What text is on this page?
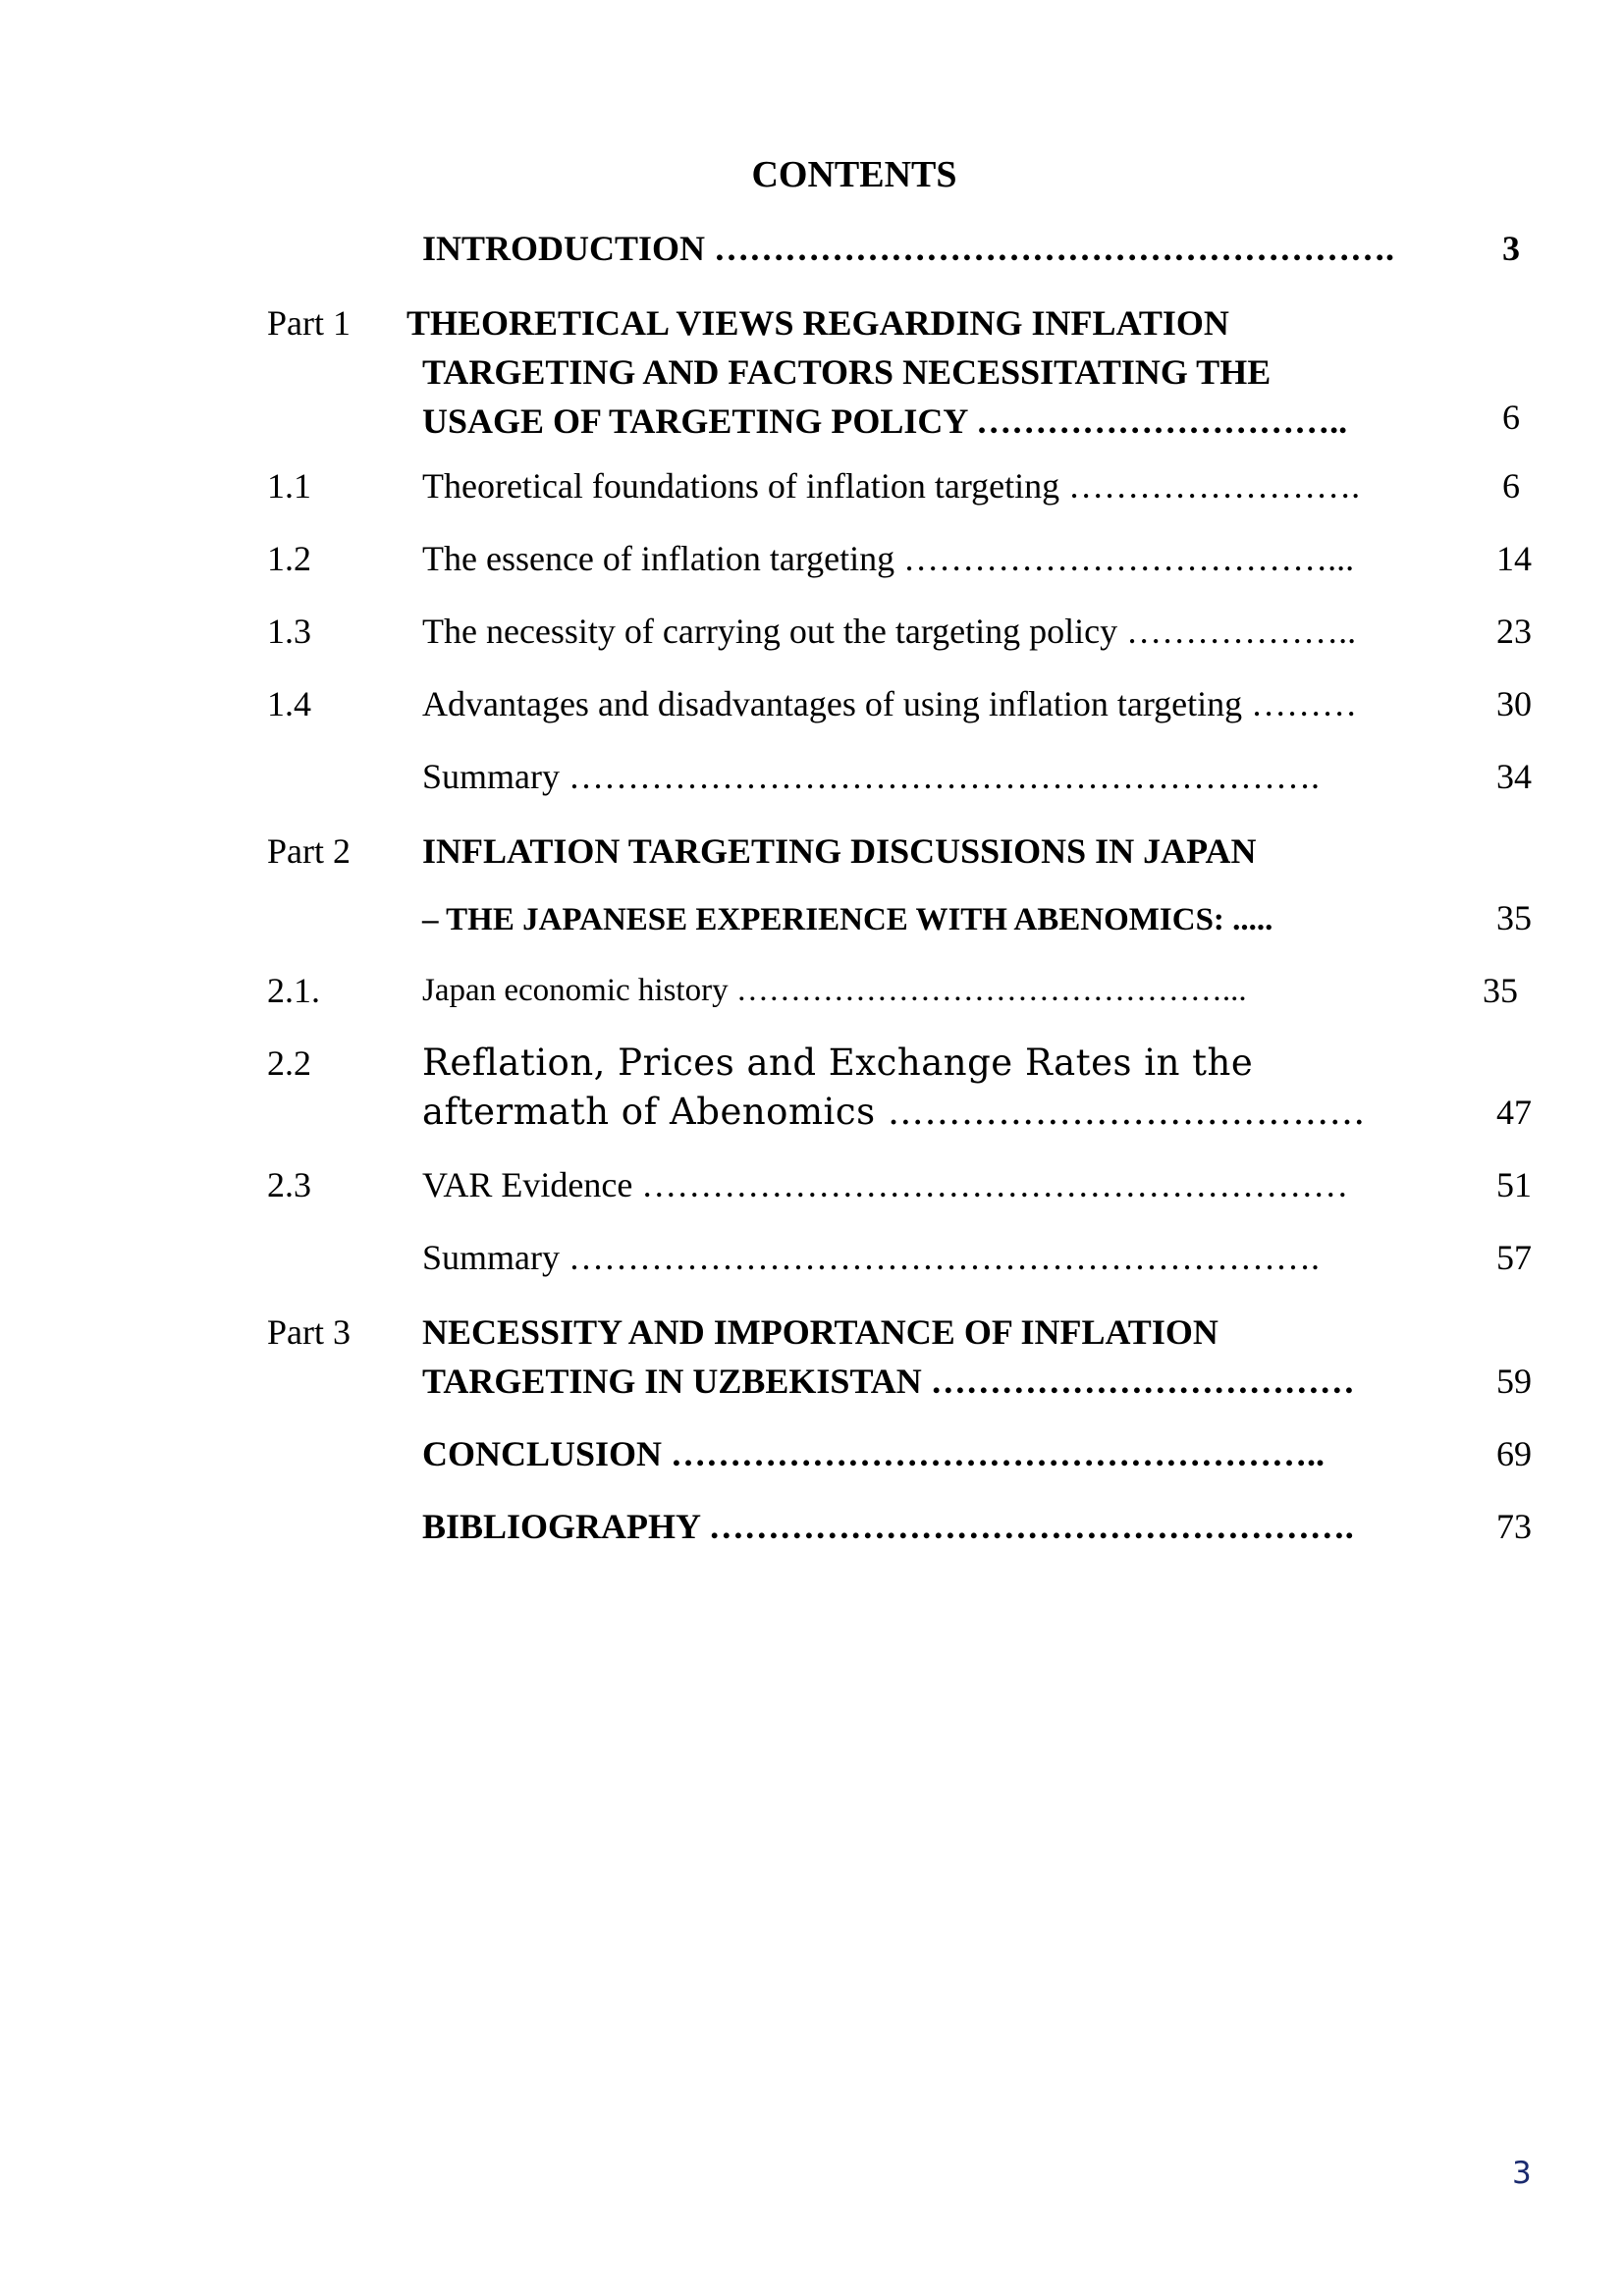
CONTENTS
INTRODUCTION ………………………………………………….	3
Part 1 THEORETICAL VIEWS REGARDING INFLATION
TARGETING AND FACTORS NECESSITATING THE
USAGE OF TARGETING POLICY …………………………..	6
1.1	Theoretical foundations of inflation targeting …………………….	6
1.2	The essence of inflation targeting ………………………………...	14
1.3	The necessity of carrying out the targeting policy ………………..	23
1.4	Advantages and disadvantages of using inflation targeting ………	30
Summary ……………………………………………………….	34
Part 2 INFLATION TARGETING DISCUSSIONS IN JAPAN
– THE JAPANESE EXPERIENCE WITH ABENOMICS: .....	35
2.1.	Japan economic history ………………………………………...	35
2.2	Reflation, Prices and Exchange Rates in the
aftermath of Abenomics ………………………………...	47
2.3	VAR Evidence ……………………………………………………	51
Summary ……………………………………………………….	57
Part 3 NECESSITY AND IMPORTANCE OF INFLATION
TARGETING IN UZBEKISTAN ………………………………	59
CONCLUSION ………………………………………………..	69
BIBLIOGRAPHY ……………………………………………….	73
3
